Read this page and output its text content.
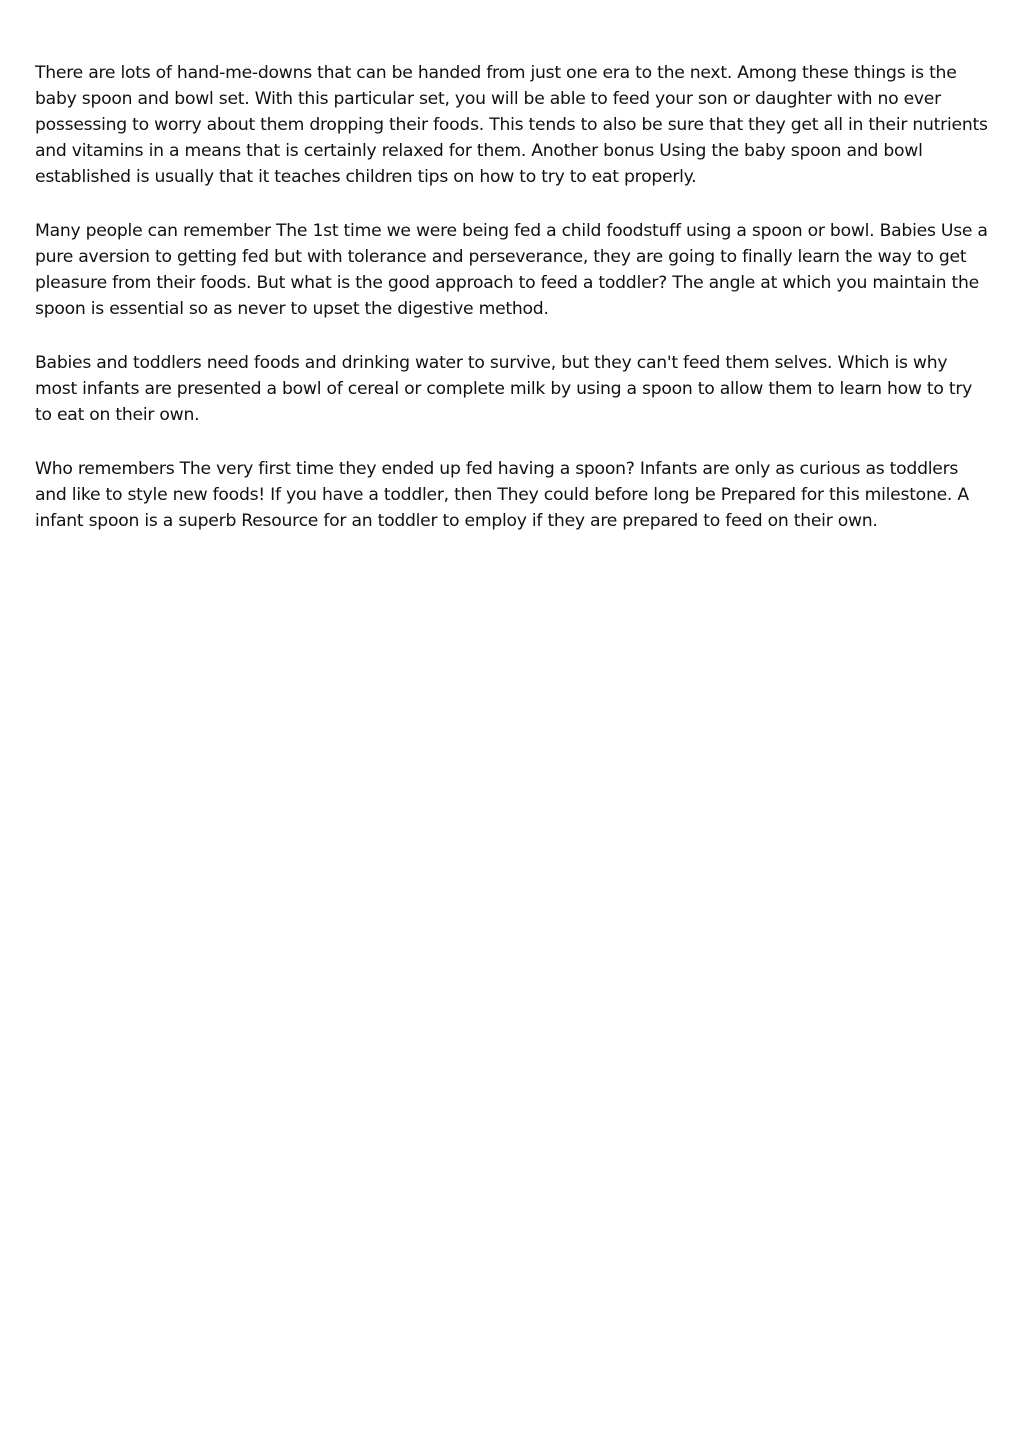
There are lots of hand-me-downs that can be handed from just one era to the next. Among these things is the baby spoon and bowl set. With this particular set, you will be able to feed your son or daughter with no ever possessing to worry about them dropping their foods. This tends to also be sure that they get all in their nutrients and vitamins in a means that is certainly relaxed for them. Another bonus Using the baby spoon and bowl established is usually that it teaches children tips on how to try to eat properly.

Many people can remember The 1st time we were being fed a child foodstuff using a spoon or bowl. Babies Use a pure aversion to getting fed but with tolerance and perseverance, they are going to finally learn the way to get pleasure from their foods. But what is the good approach to feed a toddler? The angle at which you maintain the spoon is essential so as never to upset the digestive method.

Babies and toddlers need foods and drinking water to survive, but they can't feed them selves. Which is why most infants are presented a bowl of cereal or complete milk by using a spoon to allow them to learn how to try to eat on their own.

Who remembers The very first time they ended up fed having a spoon? Infants are only as curious as toddlers and like to style new foods! If you have a toddler, then They could before long be Prepared for this milestone. A infant spoon is a superb Resource for an toddler to employ if they are prepared to feed on their own.
